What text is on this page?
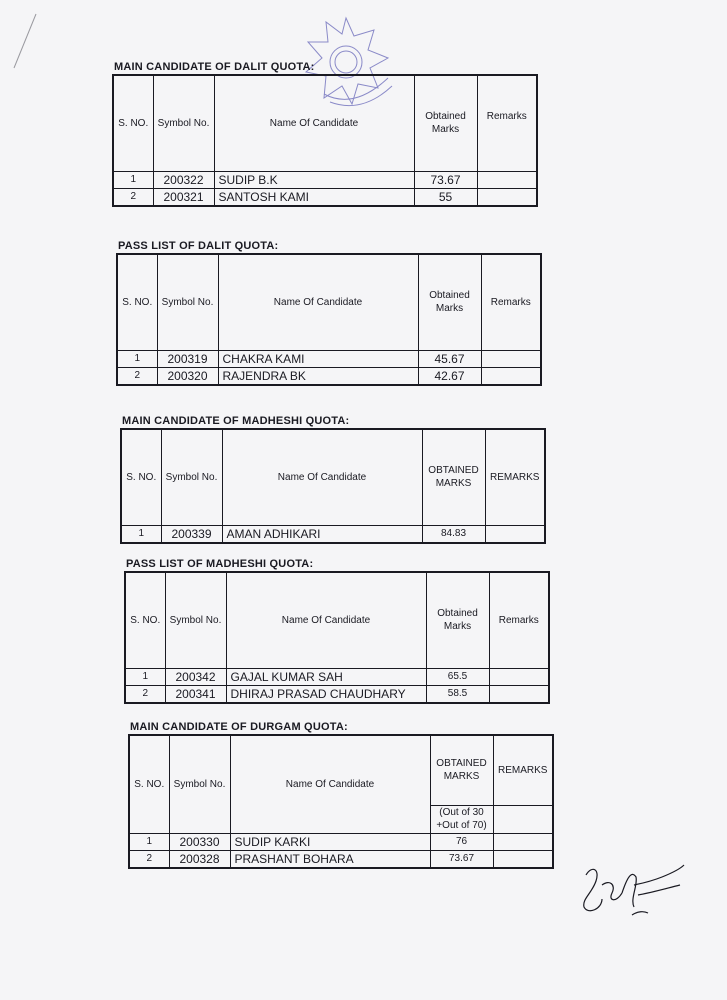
MAIN CANDIDATE OF DALIT QUOTA:
S. NO.	Symbol No.	Name Of Candidate	Obtained Marks	Remarks
1	200322	SUDIP B.K	73.67	
2	200321	SANTOSH KAMI	55	
PASS LIST OF DALIT QUOTA:
S. NO.	Symbol No.	Name Of Candidate	Obtained Marks	Remarks
1	200319	CHAKRA KAMI	45.67	
2	200320	RAJENDRA BK	42.67	
MAIN CANDIDATE OF MADHESHI QUOTA:
S. NO.	Symbol No.	Name Of Candidate	OBTAINED MARKS	REMARKS
1	200339	AMAN ADHIKARI	84.83	
PASS LIST OF MADHESHI QUOTA:
S. NO.	Symbol No.	Name Of Candidate	Obtained Marks	Remarks
1	200342	GAJAL KUMAR SAH	65.5	
2	200341	DHIRAJ PRASAD CHAUDHARY	58.5	
MAIN CANDIDATE OF DURGAM QUOTA:
S. NO.	Symbol No.	Name Of Candidate	OBTAINED MARKS	REMARKS
			(Out of 30 +Out of 70)	
1	200330	SUDIP KARKI	76	
2	200328	PRASHANT BOHARA	73.67	
